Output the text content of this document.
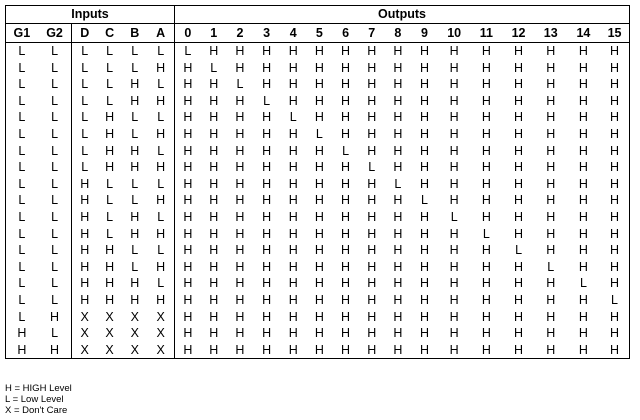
Inputs						Outputs															
G1	G2	D	C	B	A	0	1	2	3	4	5	6	7	8	9	10	11	12	13	14	15
L	L	L	L	L	L	L	H	H	H	H	H	H	H	H	H	H	H	H	H	H	H
L	L	L	L	L	H	H	L	H	H	H	H	H	H	H	H	H	H	H	H	H	H
L	L	L	L	H	L	H	H	L	H	H	H	H	H	H	H	H	H	H	H	H	H
L	L	L	L	H	H	H	H	H	L	H	H	H	H	H	H	H	H	H	H	H	H
L	L	L	H	L	L	H	H	H	H	L	H	H	H	H	H	H	H	H	H	H	H
L	L	L	H	L	H	H	H	H	H	H	L	H	H	H	H	H	H	H	H	H	H
L	L	L	H	H	L	H	H	H	H	H	H	L	H	H	H	H	H	H	H	H	H
L	L	L	H	H	H	H	H	H	H	H	H	H	L	H	H	H	H	H	H	H	H
L	L	H	L	L	L	H	H	H	H	H	H	H	H	L	H	H	H	H	H	H	H
L	L	H	L	L	H	H	H	H	H	H	H	H	H	H	L	H	H	H	H	H	H
L	L	H	L	H	L	H	H	H	H	H	H	H	H	H	H	L	H	H	H	H	H
L	L	H	L	H	H	H	H	H	H	H	H	H	H	H	H	H	L	H	H	H	H
L	L	H	H	L	L	H	H	H	H	H	H	H	H	H	H	H	H	L	H	H	H
L	L	H	H	L	H	H	H	H	H	H	H	H	H	H	H	H	H	H	L	H	H
L	L	H	H	H	L	H	H	H	H	H	H	H	H	H	H	H	H	H	H	L	H
L	L	H	H	H	H	H	H	H	H	H	H	H	H	H	H	H	H	H	H	H	L
L	H	X	X	X	X	H	H	H	H	H	H	H	H	H	H	H	H	H	H	H	H
H	L	X	X	X	X	H	H	H	H	H	H	H	H	H	H	H	H	H	H	H	H
H	H	X	X	X	X	H	H	H	H	H	H	H	H	H	H	H	H	H	H	H	H
H = HIGH Level
L = Low Level
X = Don't Care
